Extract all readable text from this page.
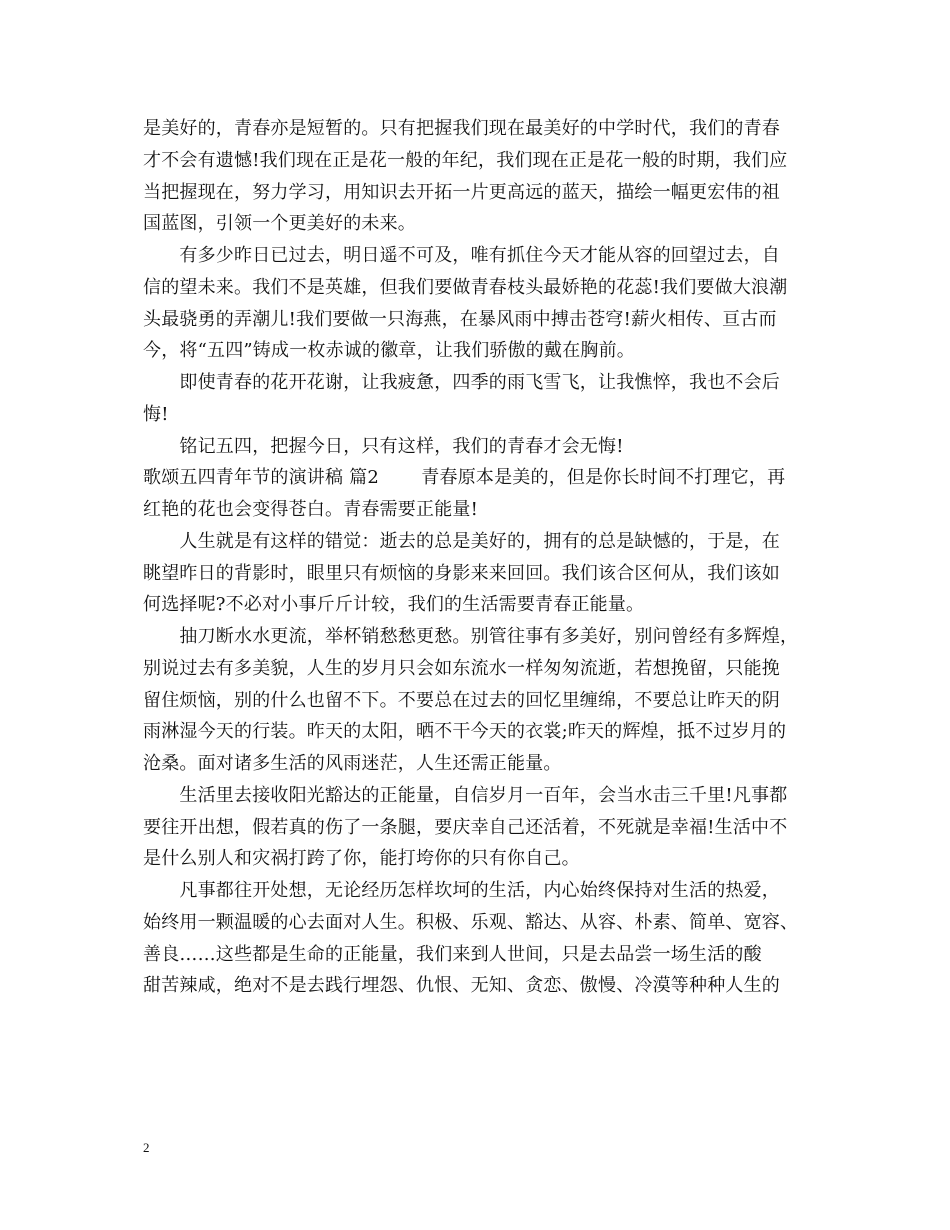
是美好的，青春亦是短暂的。只有把握我们现在最美好的中学时代，我们的青春
才不会有遗憾!我们现在正是花一般的年纪，我们现在正是花一般的时期，我们应
当把握现在，努力学习，用知识去开拓一片更高远的蓝天，描绘一幅更宏伟的祖
国蓝图，引领一个更美好的未来。
　　有多少昨日已过去，明日遥不可及，唯有抓住今天才能从容的回望过去，自
信的望未来。我们不是英雄，但我们要做青春枝头最娇艳的花蕊!我们要做大浪潮
头最骁勇的弄潮儿!我们要做一只海燕，在暴风雨中搏击苍穹!薪火相传、亘古而
今，将“五四”铸成一枚赤诚的徽章，让我们骄傲的戴在胸前。
　　即使青春的花开花谢，让我疲惫，四季的雨飞雪飞，让我憔悴，我也不会后
悔!
　　铭记五四，把握今日，只有这样，我们的青春才会无悔!
歌颂五四青年节的演讲稿 篇2　　 青春原本是美的，但是你长时间不打理它，再
红艳的花也会变得苍白。青春需要正能量!
　　人生就是有这样的错觉：逝去的总是美好的，拥有的总是缺憾的，于是，在
眺望昨日的背影时，眼里只有烦恼的身影来来回回。我们该合区何从，我们该如
何选择呢?不必对小事斤斤计较，我们的生活需要青春正能量。
　　抽刀断水水更流，举杯销愁愁更愁。别管往事有多美好，别问曾经有多辉煌，
别说过去有多美貌，人生的岁月只会如东流水一样匆匆流逝，若想挽留，只能挽
留住烦恼，别的什么也留不下。不要总在过去的回忆里缠绵，不要总让昨天的阴
雨淋湿今天的行装。昨天的太阳，晒不干今天的衣裳;昨天的辉煌，抵不过岁月的
沧桑。面对诸多生活的风雨迷茫，人生还需正能量。
　　生活里去接收阳光豁达的正能量，自信岁月一百年，会当水击三千里!凡事都
要往开出想，假若真的伤了一条腿，要庆幸自己还活着，不死就是幸福!生活中不
是什么别人和灾祸打跨了你，能打垮你的只有你自己。
　　凡事都往开处想，无论经历怎样坎坷的生活，内心始终保持对生活的热爱，
始终用一颗温暖的心去面对人生。积极、乐观、豁达、从容、朴素、简单、宽容、
善良……这些都是生命的正能量，我们来到人世间，只是去品尝一场生活的酸
甜苦辣咸，绝对不是去践行埋怨、仇恨、无知、贪恋、傲慢、冷漠等种种人生的
2
